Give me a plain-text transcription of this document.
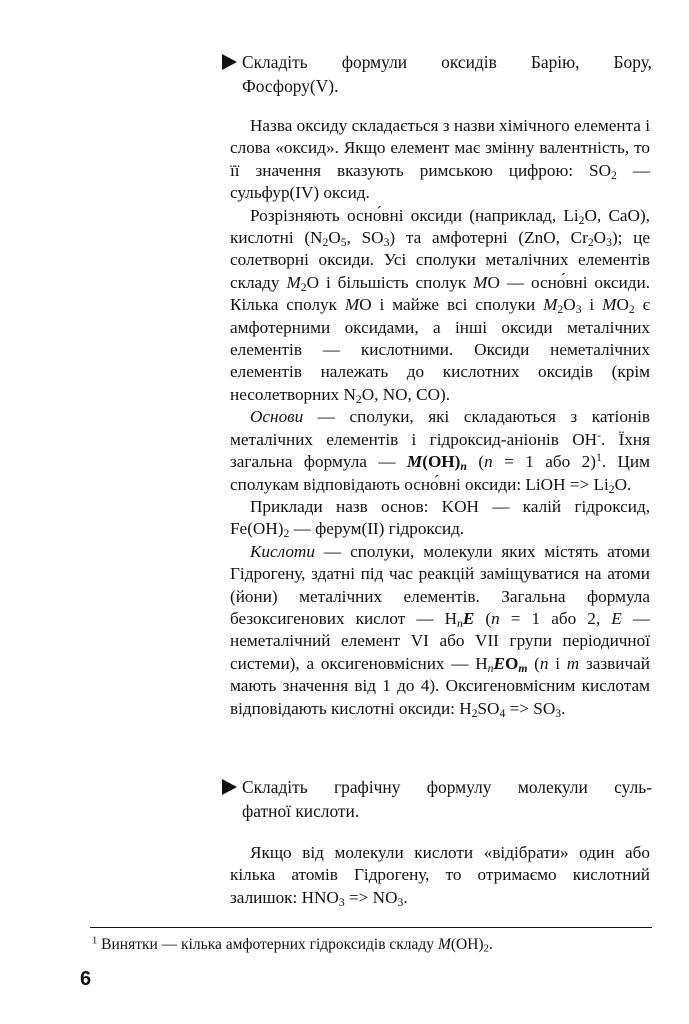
Складіть формули оксидів Барію, Бору,
Фосфору(V).

Назва оксиду складається з назви хімічного елемента і слова «оксид». Якщо елемент має змінну валентність, то її значення вказують римською цифрою: $SO_2$ — сульфур(IV) оксид.

Розрізняють осно́вні оксиди (наприклад, $Li_2O$, CaO), кислотні ($N_2O_5$, $SO_3$) та амфотерні (ZnO, $Cr_2O_3$); це солетворні оксиди. Усі сполуки металічних елементів складу $M_2O$ і більшість сполук MO — осно́вні оксиди. Кілька сполук MO і майже всі сполуки $M_2O_3$ і $MO_2$ є амфотерними оксидами, а інші оксиди металічних елементів — кислотними. Оксиди неметалічних елементів належать до кислотних оксидів (крім несолетворних $N_2O$, NO, CO).

Основи — сполуки, які складаються з катіонів металічних елементів і гідроксид-аніонів OH-. Їхня загальна формула — $M(OH)_n$ (n = 1 або 2)$^1$. Цим сполукам відповідають осно́вні оксиди: LiOH => $Li_2O$.

Приклади назв основ: KOH — калій гідроксид, $Fe(OH)_2$ — ферум(II) гідроксид.

Кислоти — сполуки, молекули яких містять атоми Гідрогену, здатні під час реакцій заміщуватися на атоми (йони) металічних елементів. Загальна формула безоксигенових кислот — $H_nE$ (n = 1 або 2, E — неметалічний елемент VI або VII групи періодичної системи), а оксигеновмісних — $H_nEO_m$ (n і m зазвичай мають значення від 1 до 4). Оксигеновмісним кислотам відповідають кислотні оксиди: $H_2SO_4 => SO_3$.

Складіть графічну формулу молекули суль-
фатної кислоти.

Якщо від молекули кислоти «відібрати» один або кілька атомів Гідрогену, то отримаємо кислотний залишок: $HNO_3 => NO_3$.

$^1$ Винятки — кілька амфотерних гідроксидів складу $M(OH)_2$.
6
